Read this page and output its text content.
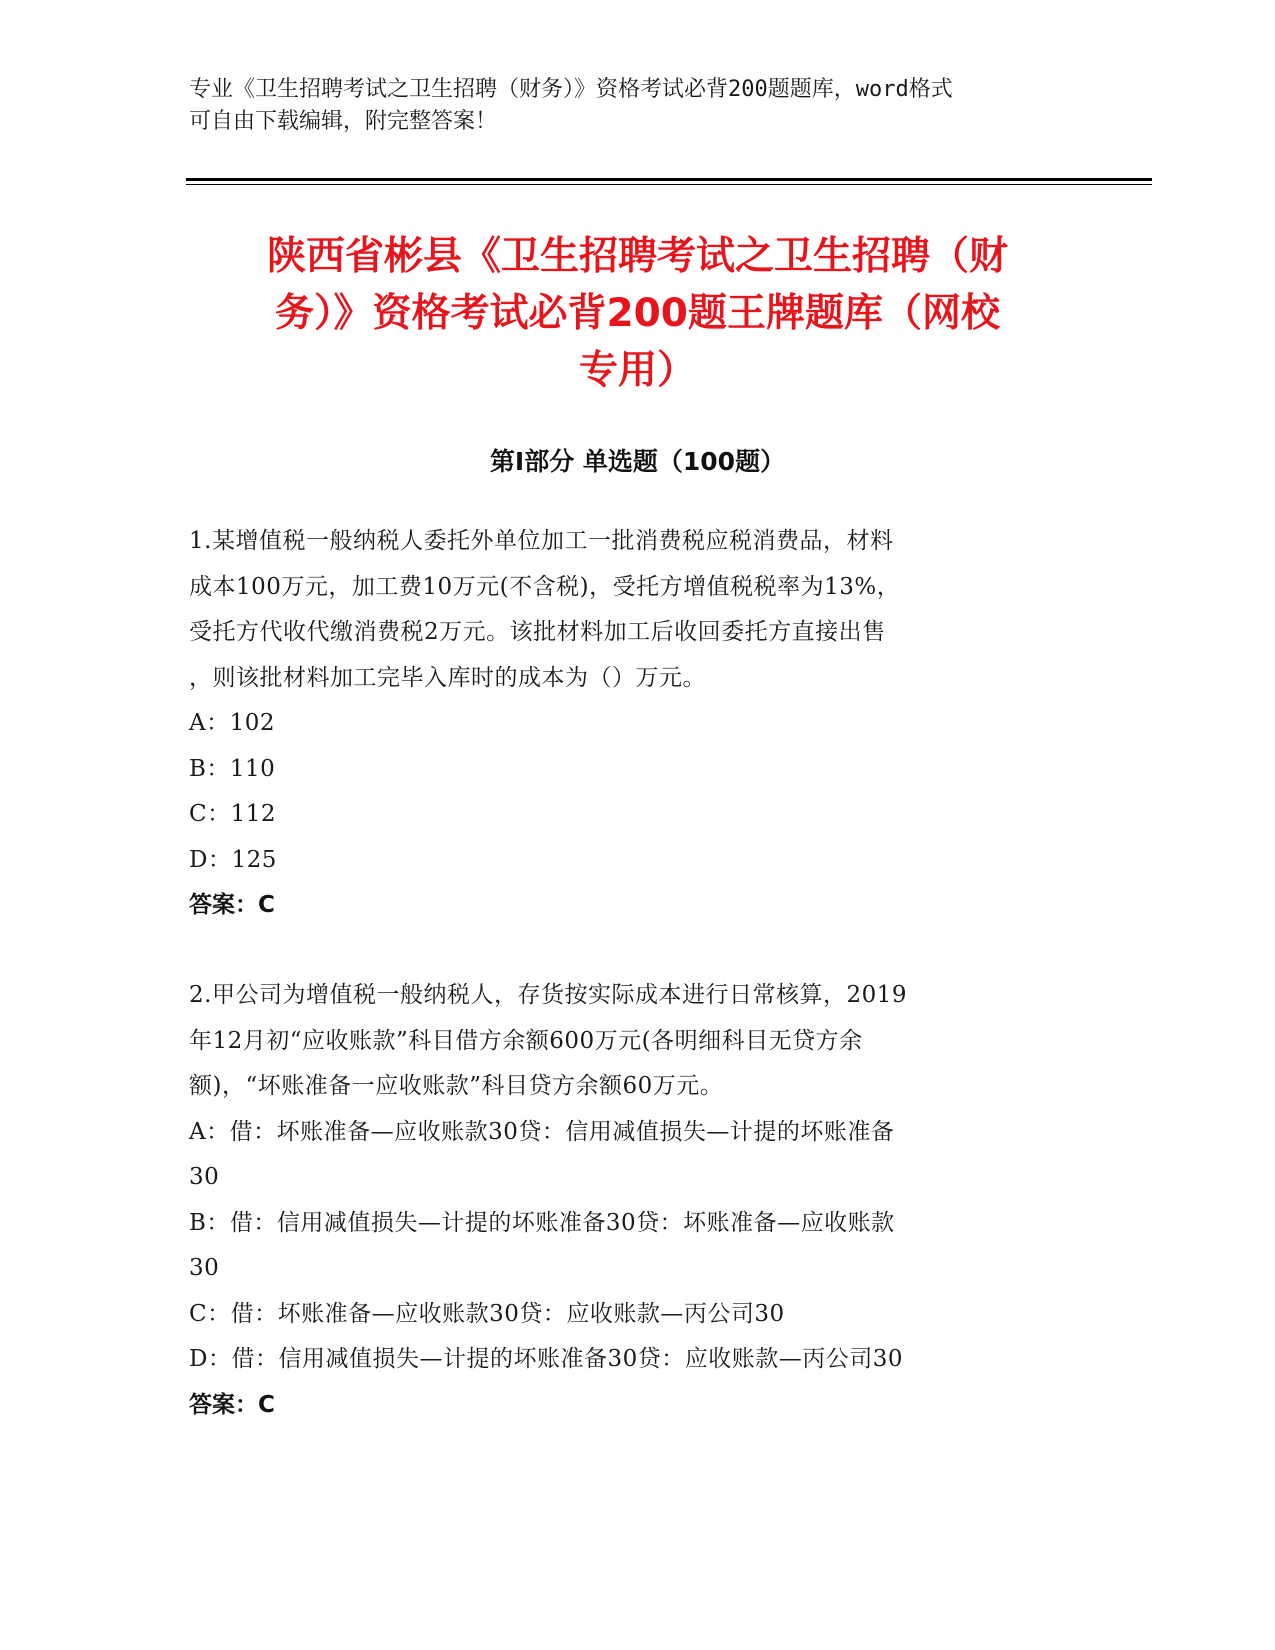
专业《卫生招聘考试之卫生招聘（财务）》资格考试必背200题题库，word格式

可自由下载编辑，附完整答案！

陕西省彬县《卫生招聘考试之卫生招聘（财
务）》资格考试必背200题王牌题库（网校
专用）
第I部分 单选题（100题）

1.某增值税一般纳税人委托外单位加工一批消费税应税消费品，材料

成本100万元，加工费10万元(不含税)，受托方增值税税率为13%，

受托方代收代缴消费税2万元。该批材料加工后收回委托方直接出售

，则该批材料加工完毕入库时的成本为（）万元。

A：102

B：110

C：112

D：125

答案：C

2.甲公司为增值税一般纳税人，存货按实际成本进行日常核算，2019

年12月初“应收账款”科目借方余额600万元(各明细科目无贷方余

额)，“坏账准备一应收账款”科目贷方余额60万元。

A：借：坏账准备—应收账款30贷：信用减值损失—计提的坏账准备

30

B：借：信用减值损失—计提的坏账准备30贷：坏账准备—应收账款

30

C：借：坏账准备—应收账款30贷：应收账款—丙公司30

D：借：信用减值损失—计提的坏账准备30贷：应收账款—丙公司30

答案：C
